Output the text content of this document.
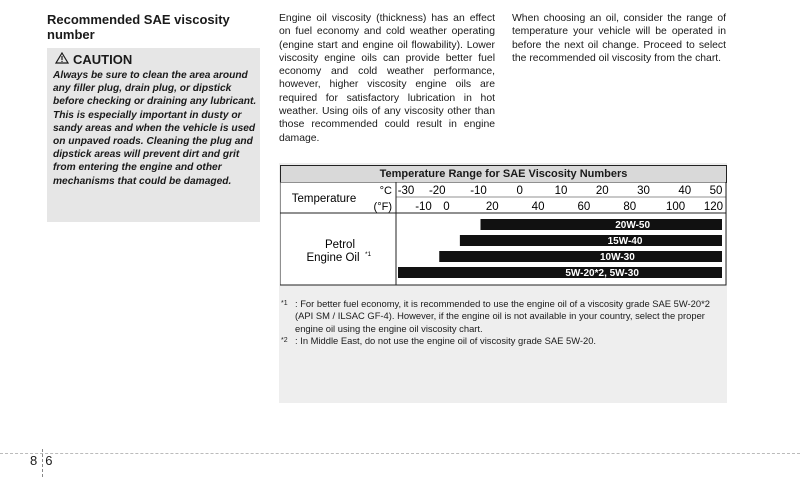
Recommended SAE viscosity number
CAUTION
Always be sure to clean the area around any filler plug, drain plug, or dipstick before checking or draining any lubricant. This is especially important in dusty or sandy areas and when the vehicle is used on unpaved roads. Cleaning the plug and dipstick areas will prevent dirt and grit from entering the engine and other mechanisms that could be damaged.
Engine oil viscosity (thickness) has an effect on fuel economy and cold weather operating (engine start and engine oil flowability). Lower viscosity engine oils can provide better fuel economy and cold weather performance, however, higher viscosity engine oils are required for satisfactory lubrication in hot weather. Using oils of any viscosity other than those recommended could result in engine damage.
When choosing an oil, consider the range of temperature your vehicle will be operated in before the next oil change. Proceed to select the recommended oil viscosity from the chart.
Temperature Range for SAE Viscosity Numbers
Temperature
°C
(°F)
Petrol
Engine Oil *1
-30 -20 -10	0	10 20 30 40 50
-10 0	20	40	60	80	100 120
20W-50
15W-40
10W-30
5W-20*2, 5W-30
*1 : For better fuel economy, it is recommended to use the engine oil of a viscosity grade SAE 5W-20*2 (API SM / ILSAC GF-4). However, if the engine oil is not available in your country, select the proper engine oil using the engine oil viscosity chart.
*2 : In Middle East, do not use the engine oil of viscosity grade SAE 5W-20.
8 6
